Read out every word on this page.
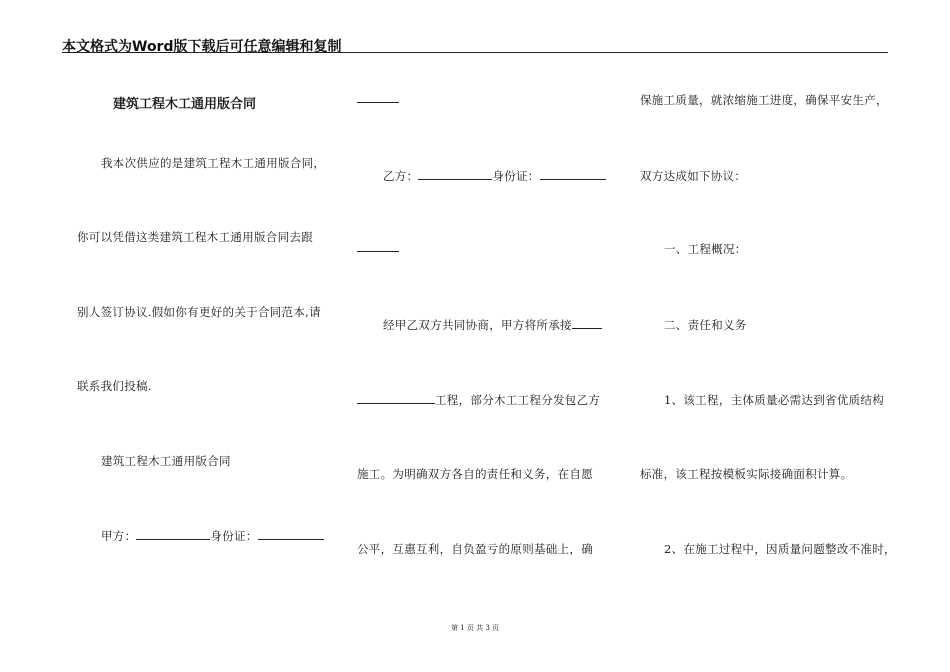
本文格式为Word版下载后可任意编辑和复制
建筑工程木工通用版合同
我本次供应的是建筑工程木工通用版合同，
你可以凭借这类建筑工程木工通用版合同去跟
别人签订协议.假如你有更好的关于合同范本,请
联系我们投稿.
建筑工程木工通用版合同
甲方：	身份证：
乙方：	身份证：
经甲乙双方共同协商，甲方将所承接
工程，部分木工工程分发包乙方
施工。为明确双方各自的责任和义务，在自愿
公平，互惠互利，自负盈亏的原则基础上，确
保施工质量，就浓缩施工进度，确保平安生产，
双方达成如下协议：
一、工程概况：
二、责任和义务
1、该工程，主体质量必需达到省优质结构
标准，该工程按模板实际接确面积计算。
2、在施工过程中，因质量问题整改不准时，
第 1 页 共 3 页
